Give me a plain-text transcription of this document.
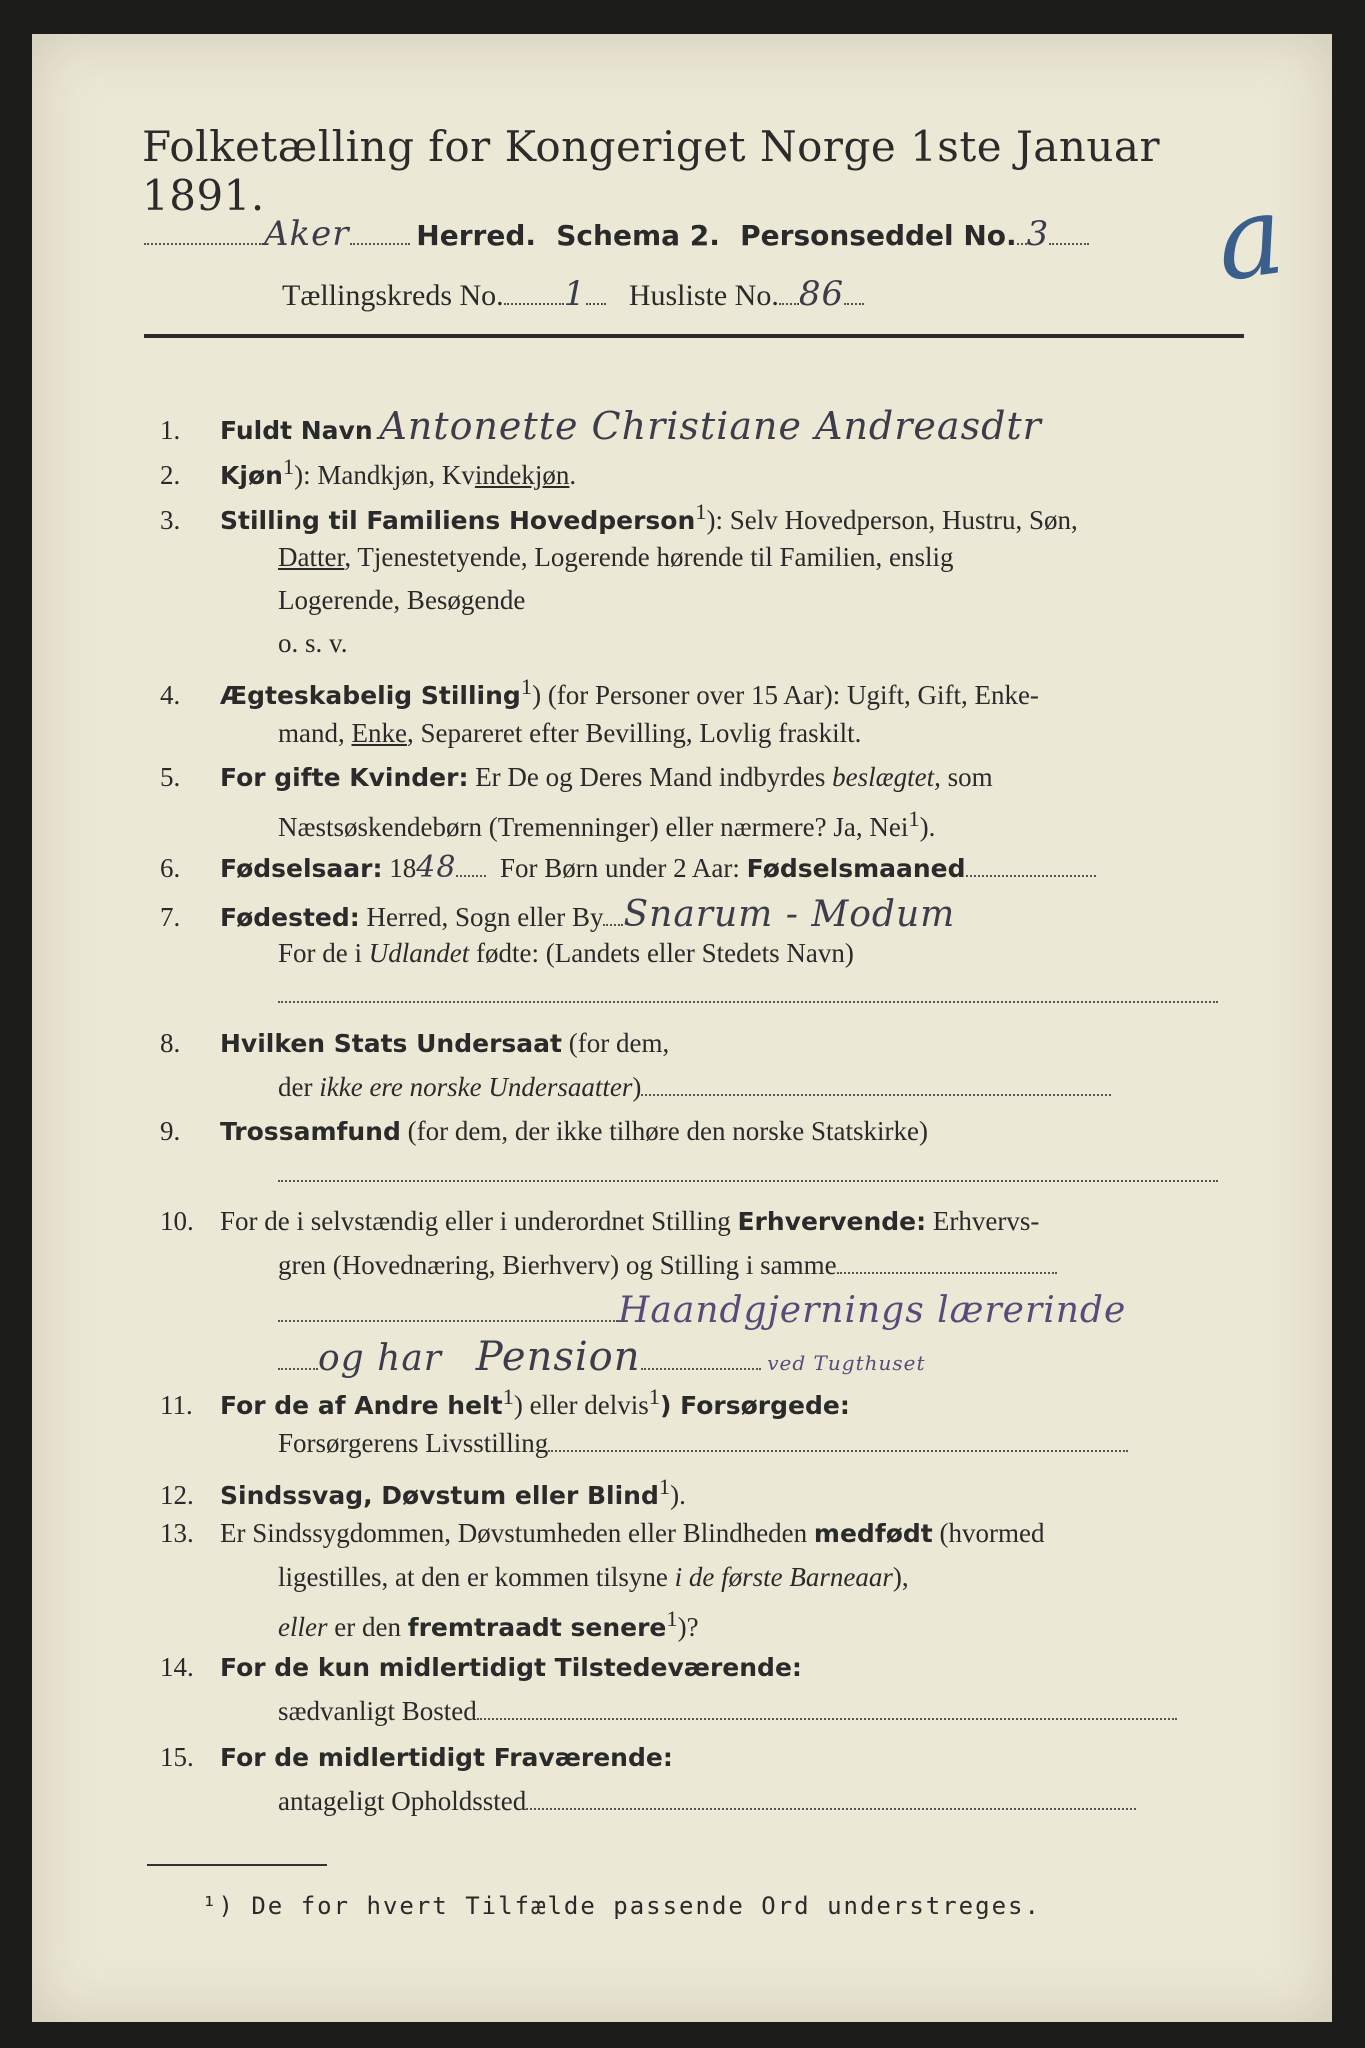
Folketælling for Kongeriget Norge 1ste Januar 1891.	a
Aker Herred. Schema 2. Personseddel No. 3
Tællingskreds No. 1 Husliste No. 86
1. Fuldt Navn Antonette Christiane Andreasdtr
2. Kjøn$^1$): Mandkjøn, Kvindekjøn.
3. Stilling til Familiens Hovedperson$^1$): Selv Hovedperson, Hustru, Søn,
Datter, Tjenestetyende, Logerende hørende til Familien, enslig
Logerende, Besøgende
o. s. v.
4. Ægteskabelig Stilling$^1$) (for Personer over 15 Aar): Ugift, Gift, Enke-
mand, Enke, Separeret efter Bevilling, Lovlig fraskilt.
5. For gifte Kvinder: Er De og Deres Mand indbyrdes beslægtet, som
Næstsøskendebørn (Tremenninger) eller nærmere? Ja, Nei$^1$).
6. Fødselsaar: 1848 For Børn under 2 Aar: Fødselsmaaned
7. Fødested: Herred, Sogn eller By Snarum - Modum
For de i Udlandet fødte: (Landets eller Stedets Navn)
8. Hvilken Stats Undersaat (for dem,
der ikke ere norske Undersaatter)
9. Trossamfund (for dem, der ikke tilhøre den norske Statskirke)
10. For de i selvstændig eller i underordnet Stilling Erhvervende: Erhvervs-
gren (Hovednæring, Bierhverv) og Stilling i samme
Haandgjernings lærerinde
og har Pension	ved Tugthuset
11. For de af Andre helt$^1$) eller delvis$^1$) Forsørgede:
Forsørgerens Livsstilling
12. Sindssvag, Døvstum eller Blind$^1$).
13. Er Sindssygdommen, Døvstumheden eller Blindheden medfødt (hvormed
ligestilles, at den er kommen tilsyne i de første Barneaar),
eller er den fremtraadt senere$^1$)?
14. For de kun midlertidigt Tilstedeværende:
sædvanligt Bosted
15. For de midlertidigt Fraværende:
antageligt Opholdssted
¹) De for hvert Tilfælde passende Ord understreges.
